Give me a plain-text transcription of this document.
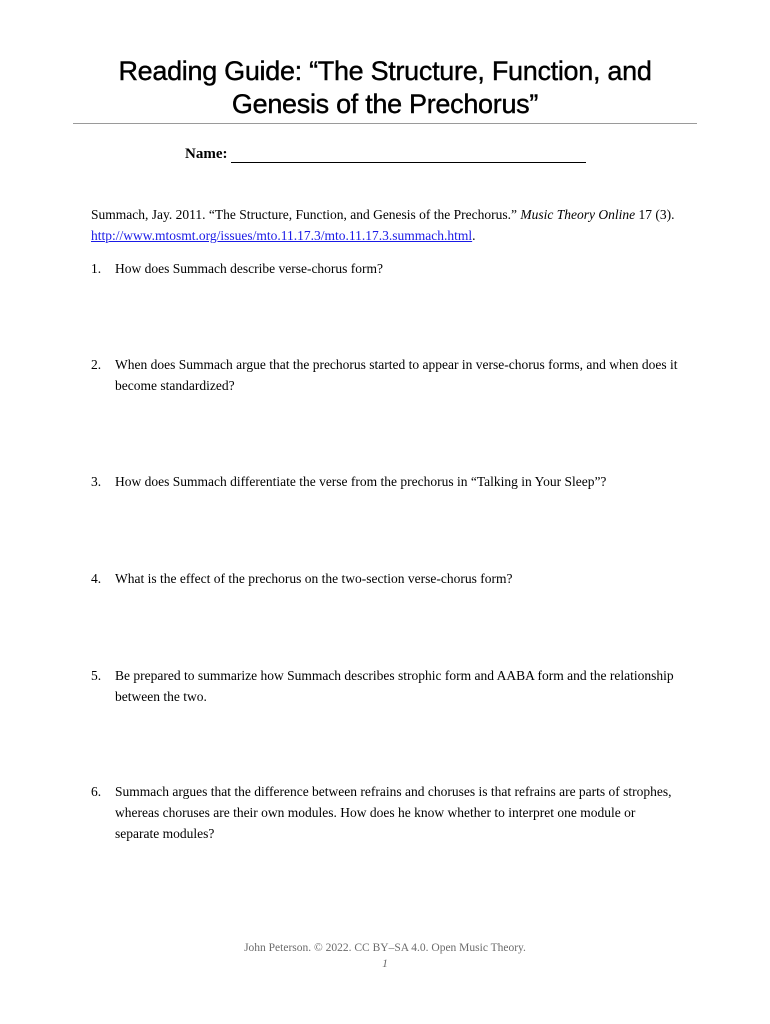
Reading Guide: “The Structure, Function, and
Genesis of the Prechorus”
Name:
Summach, Jay. 2011. “The Structure, Function, and Genesis of the Prechorus.” Music Theory Online 17 (3). http://www.mtosmt.org/issues/mto.11.17.3/mto.11.17.3.summach.html.
1.	How does Summach describe verse-chorus form?
2.	When does Summach argue that the prechorus started to appear in verse-chorus forms, and when does it become standardized?
3.	How does Summach differentiate the verse from the prechorus in “Talking in Your Sleep”?
4.	What is the effect of the prechorus on the two-section verse-chorus form?
5.	Be prepared to summarize how Summach describes strophic form and AABA form and the relationship between the two.
6.	Summach argues that the difference between refrains and choruses is that refrains are parts of strophes, whereas choruses are their own modules. How does he know whether to interpret one module or separate modules?
John Peterson. © 2022. CC BY–SA 4.0. Open Music Theory.
1
